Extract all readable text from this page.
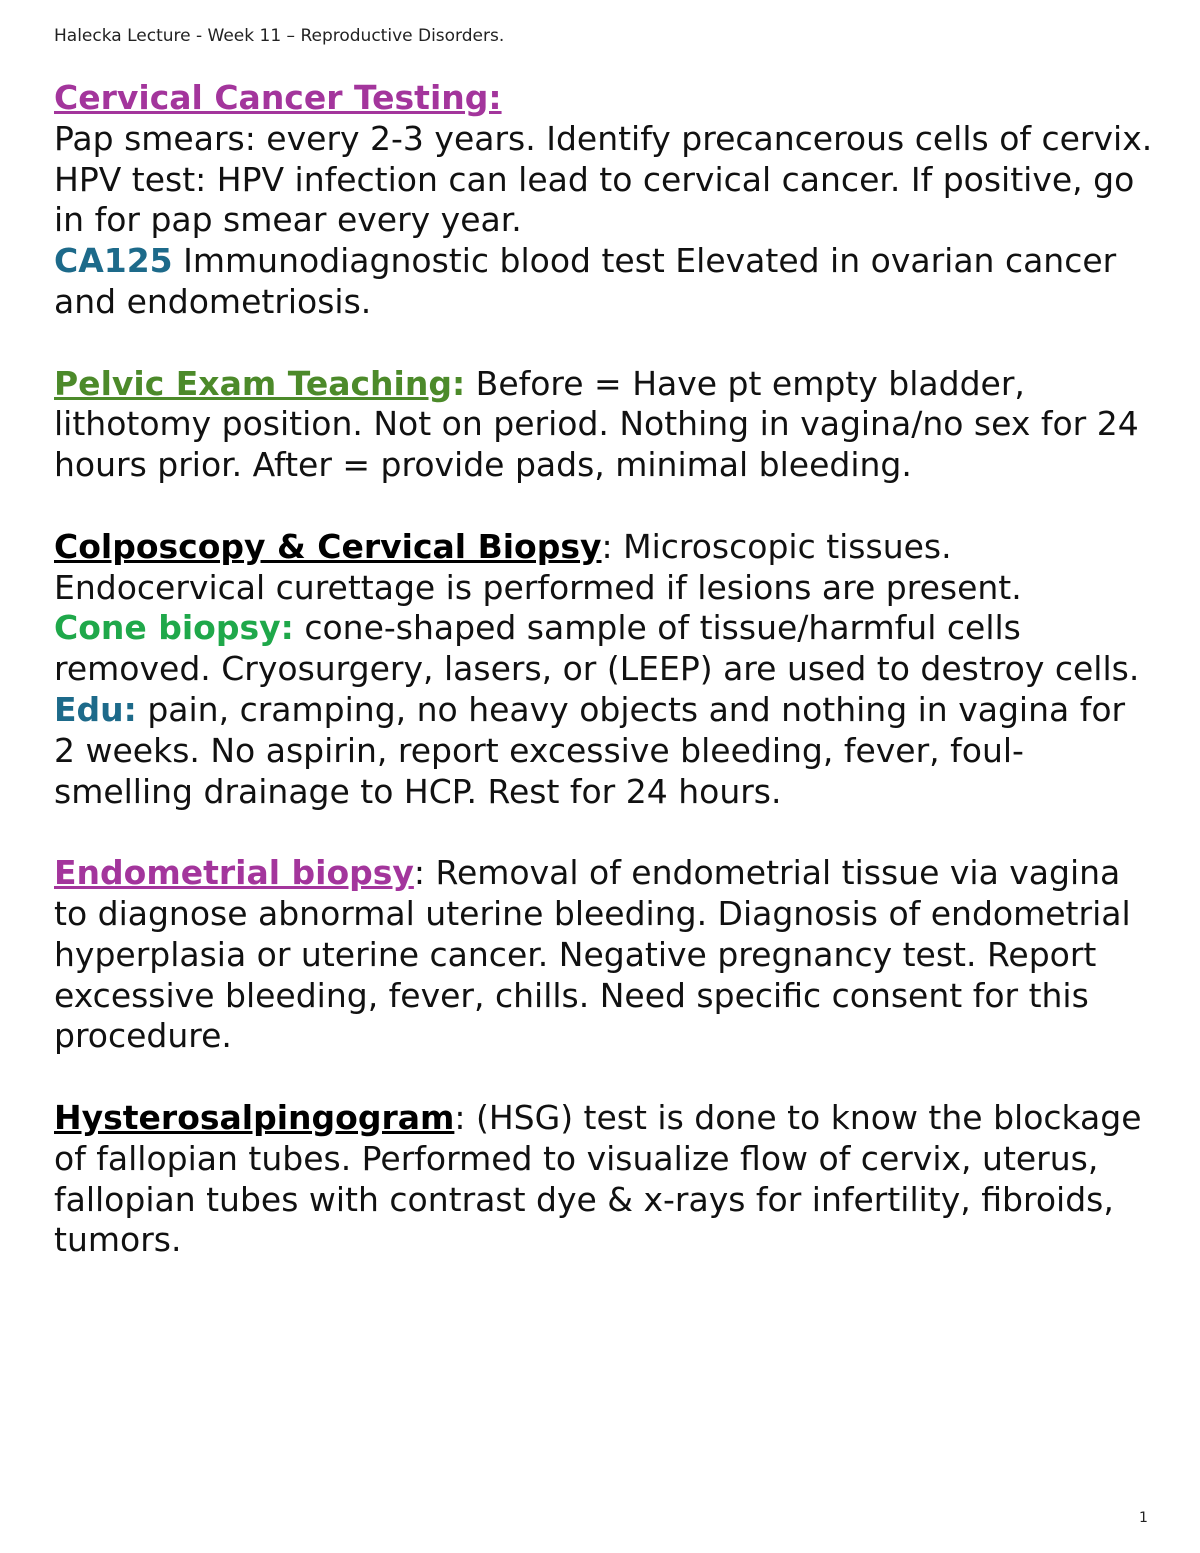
Halecka Lecture - Week 11 – Reproductive Disorders.

Cervical Cancer Testing:

Pap smears: every 2-3 years. Identify precancerous cells of cervix.

HPV test: HPV infection can lead to cervical cancer. If positive, go in for pap smear every year.

CA125 Immunodiagnostic blood test Elevated in ovarian cancer and endometriosis.

Pelvic Exam Teaching: Before = Have pt empty bladder, lithotomy position. Not on period. Nothing in vagina/no sex for 24 hours prior. After = provide pads, minimal bleeding.

Colposcopy & Cervical Biopsy: Microscopic tissues. Endocervical curettage is performed if lesions are present.

Cone biopsy: cone-shaped sample of tissue/harmful cells removed. Cryosurgery, lasers, or (LEEP) are used to destroy cells.

Edu: pain, cramping, no heavy objects and nothing in vagina for 2 weeks. No aspirin, report excessive bleeding, fever, foul-smelling drainage to HCP. Rest for 24 hours.

Endometrial biopsy: Removal of endometrial tissue via vagina to diagnose abnormal uterine bleeding. Diagnosis of endometrial hyperplasia or uterine cancer. Negative pregnancy test. Report excessive bleeding, fever, chills. Need specific consent for this procedure.

Hysterosalpingogram: (HSG) test is done to know the blockage of fallopian tubes. Performed to visualize flow of cervix, uterus, fallopian tubes with contrast dye & x-rays for infertility, fibroids, tumors.

1
